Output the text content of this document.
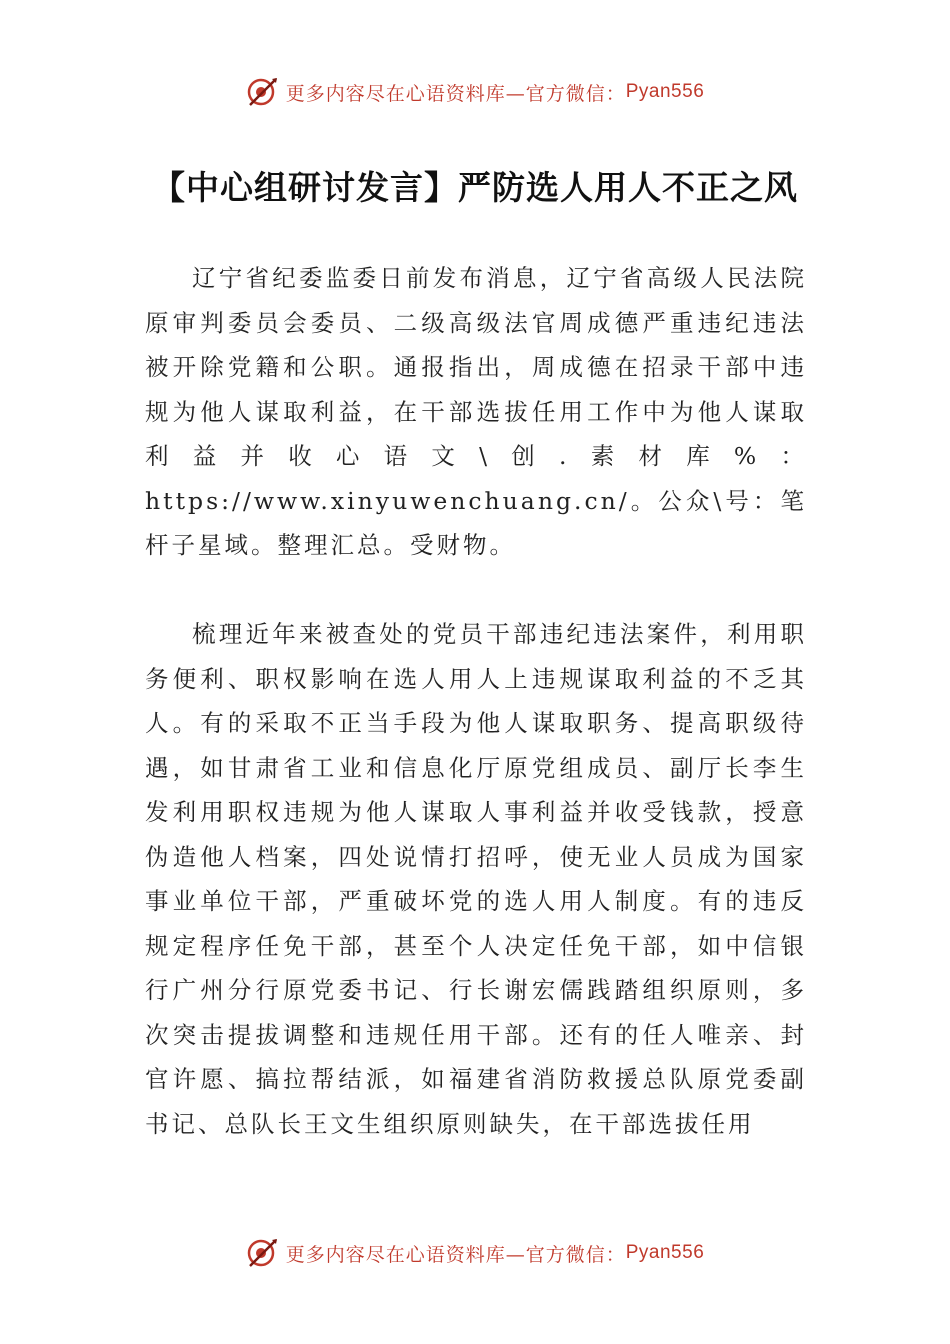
更多内容尽在心语资料库—官方微信： Pyan556
【中心组研讨发言】严防选人用人不正之风

辽宁省纪委监委日前发布消息，辽宁省高级人民法院原审判委员会委员、二级高级法官周成德严重违纪违法被开除党籍和公职。通报指出，周成德在招录干部中违规为他人谋取利益，在干部选拔任用工作中为他人谋取利益并收心语文\创.素材库%：https://www.xinyuwenchuang.cn/。公众\号：笔杆子星域。整理汇总。受财物。

梳理近年来被查处的党员干部违纪违法案件，利用职务便利、职权影响在选人用人上违规谋取利益的不乏其人。有的采取不正当手段为他人谋取职务、提高职级待遇，如甘肃省工业和信息化厅原党组成员、副厅长李生发利用职权违规为他人谋取人事利益并收受钱款，授意伪造他人档案，四处说情打招呼，使无业人员成为国家事业单位干部，严重破坏党的选人用人制度。有的违反规定程序任免干部，甚至个人决定任免干部，如中信银行广州分行原党委书记、行长谢宏儒践踏组织原则，多次突击提拔调整和违规任用干部。还有的任人唯亲、封官许愿、搞拉帮结派，如福建省消防救援总队原党委副书记、总队长王文生组织原则缺失，在干部选拔任用

更多内容尽在心语资料库—官方微信： Pyan556
